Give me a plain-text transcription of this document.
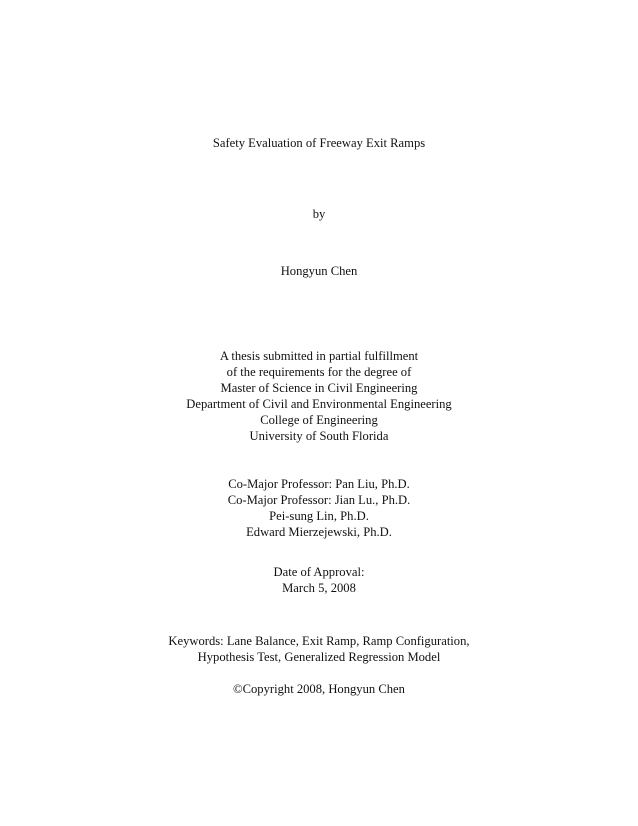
Safety Evaluation of Freeway Exit Ramps
by
Hongyun Chen
A thesis submitted in partial fulfillment
of the requirements for the degree of
Master of Science in Civil Engineering
Department of Civil and Environmental Engineering
College of Engineering
University of South Florida
Co-Major Professor: Pan Liu, Ph.D.
Co-Major Professor: Jian Lu., Ph.D.
Pei-sung Lin, Ph.D.
Edward Mierzejewski, Ph.D.
Date of Approval:
March 5, 2008
Keywords: Lane Balance, Exit Ramp, Ramp Configuration,
Hypothesis Test, Generalized Regression Model
©Copyright 2008, Hongyun Chen
